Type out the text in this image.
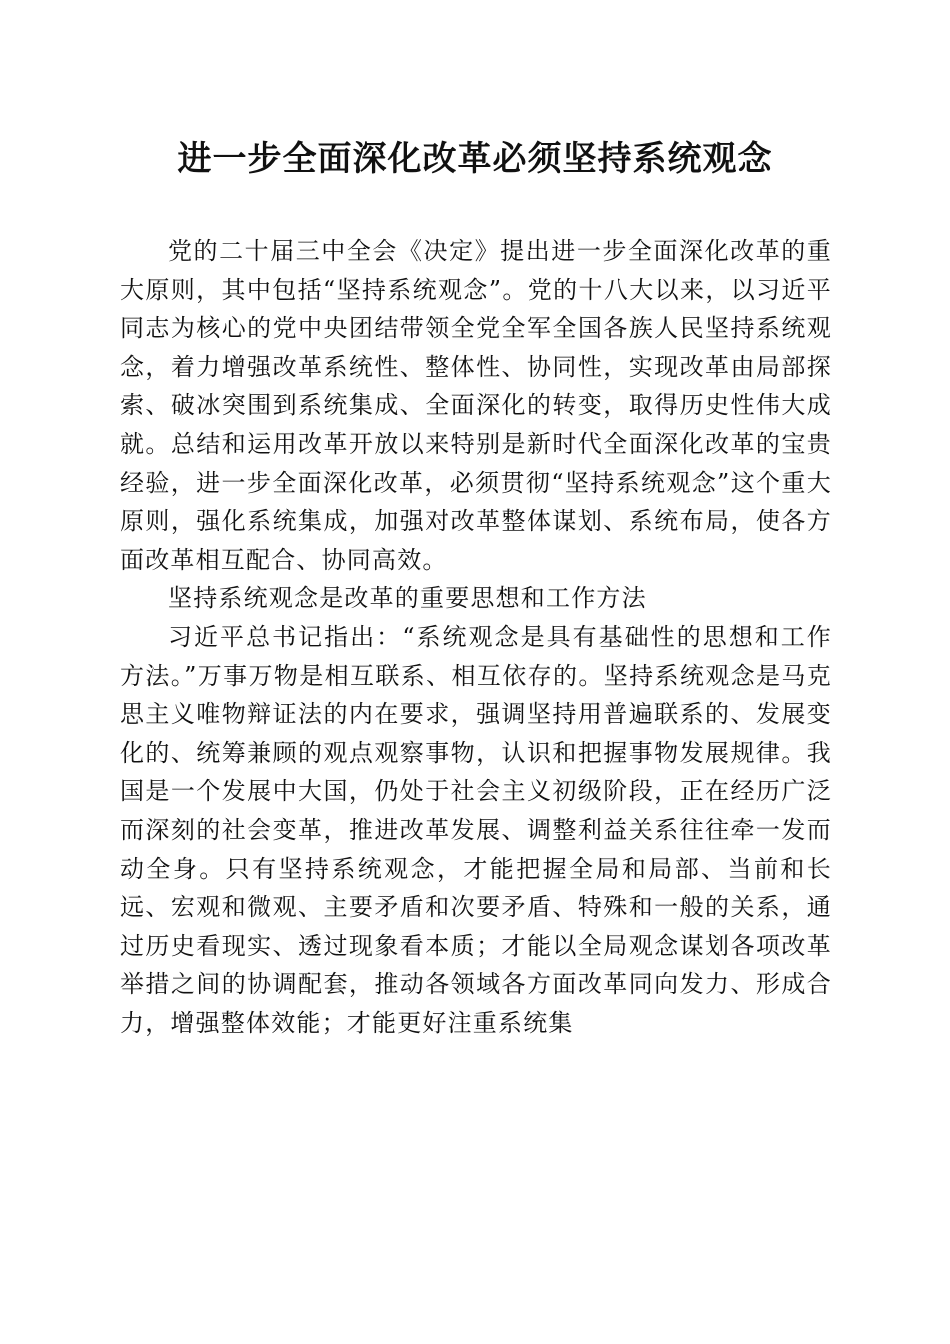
进一步全面深化改革必须坚持系统观念

党的二十届三中全会《决定》提出进一步全面深化改革的重大原则，其中包括“坚持系统观念”。党的十八大以来，以习近平同志为核心的党中央团结带领全党全军全国各族人民坚持系统观念，着力增强改革系统性、整体性、协同性，实现改革由局部探索、破冰突围到系统集成、全面深化的转变，取得历史性伟大成就。总结和运用改革开放以来特别是新时代全面深化改革的宝贵经验，进一步全面深化改革，必须贯彻“坚持系统观念”这个重大原则，强化系统集成，加强对改革整体谋划、系统布局，使各方面改革相互配合、协同高效。

坚持系统观念是改革的重要思想和工作方法

习近平总书记指出：“系统观念是具有基础性的思想和工作方法。”万事万物是相互联系、相互依存的。坚持系统观念是马克思主义唯物辩证法的内在要求，强调坚持用普遍联系的、发展变化的、统筹兼顾的观点观察事物，认识和把握事物发展规律。我国是一个发展中大国，仍处于社会主义初级阶段，正在经历广泛而深刻的社会变革，推进改革发展、调整利益关系往往牵一发而动全身。只有坚持系统观念，才能把握全局和局部、当前和长远、宏观和微观、主要矛盾和次要矛盾、特殊和一般的关系，通过历史看现实、透过现象看本质；才能以全局观念谋划各项改革举措之间的协调配套，推动各领域各方面改革同向发力、形成合力，增强整体效能；才能更好注重系统集
